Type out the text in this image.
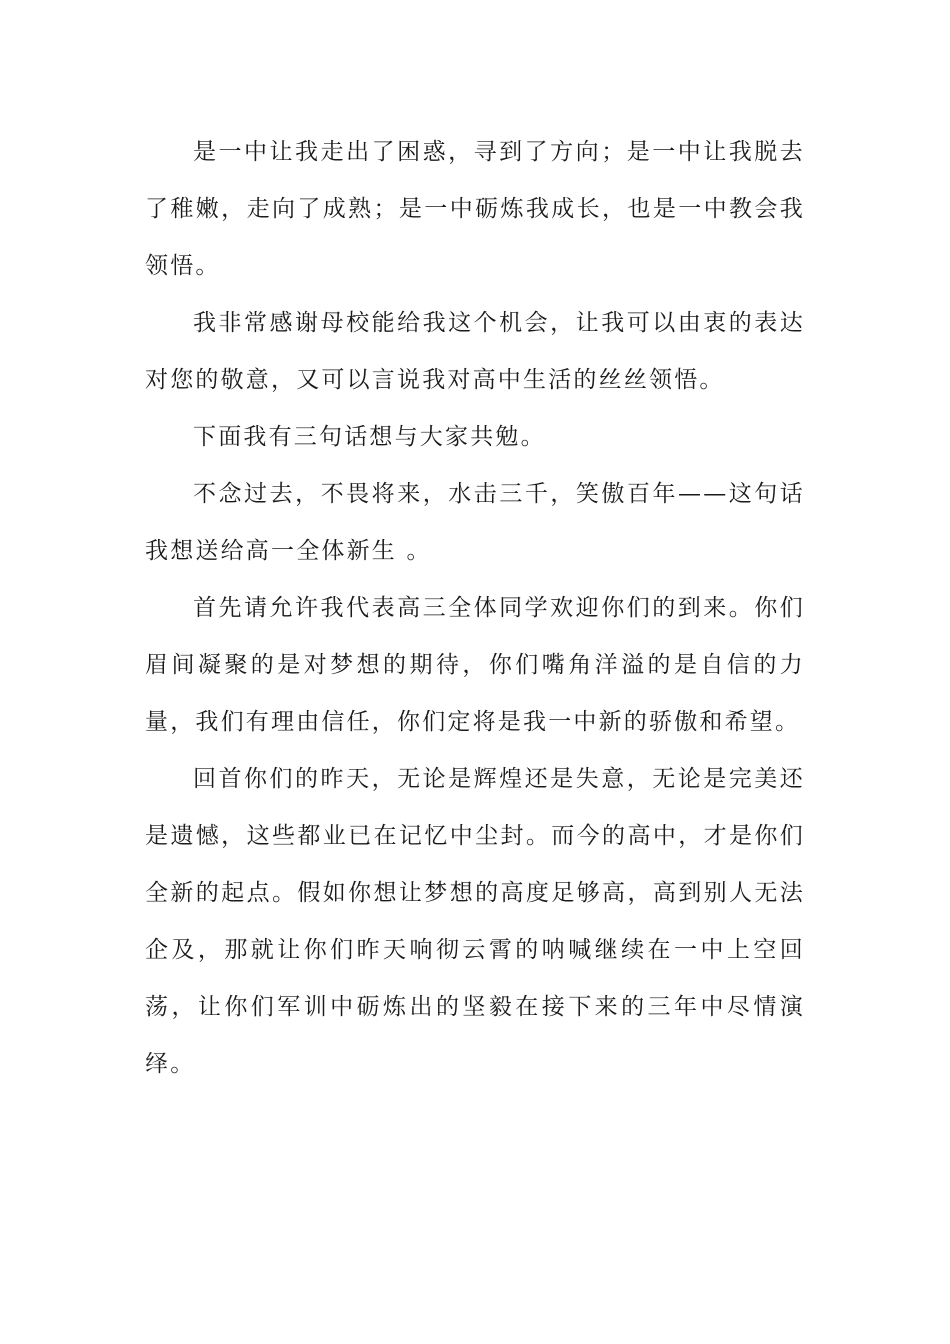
是一中让我走出了困惑，寻到了方向；是一中让我脱去了稚嫩，走向了成熟；是一中砺炼我成长，也是一中教会我领悟。

我非常感谢母校能给我这个机会，让我可以由衷的表达对您的敬意，又可以言说我对高中生活的丝丝领悟。

下面我有三句话想与大家共勉。

不念过去，不畏将来，水击三千，笑傲百年——这句话我想送给高一全体新生 。

首先请允许我代表高三全体同学欢迎你们的到来。你们眉间凝聚的是对梦想的期待，你们嘴角洋溢的是自信的力量，我们有理由信任，你们定将是我一中新的骄傲和希望。

回首你们的昨天，无论是辉煌还是失意，无论是完美还是遗憾，这些都业已在记忆中尘封。而今的高中，才是你们全新的起点。假如你想让梦想的高度足够高，高到别人无法企及，那就让你们昨天响彻云霄的呐喊继续在一中上空回荡，让你们军训中砺炼出的坚毅在接下来的三年中尽情演绎。
